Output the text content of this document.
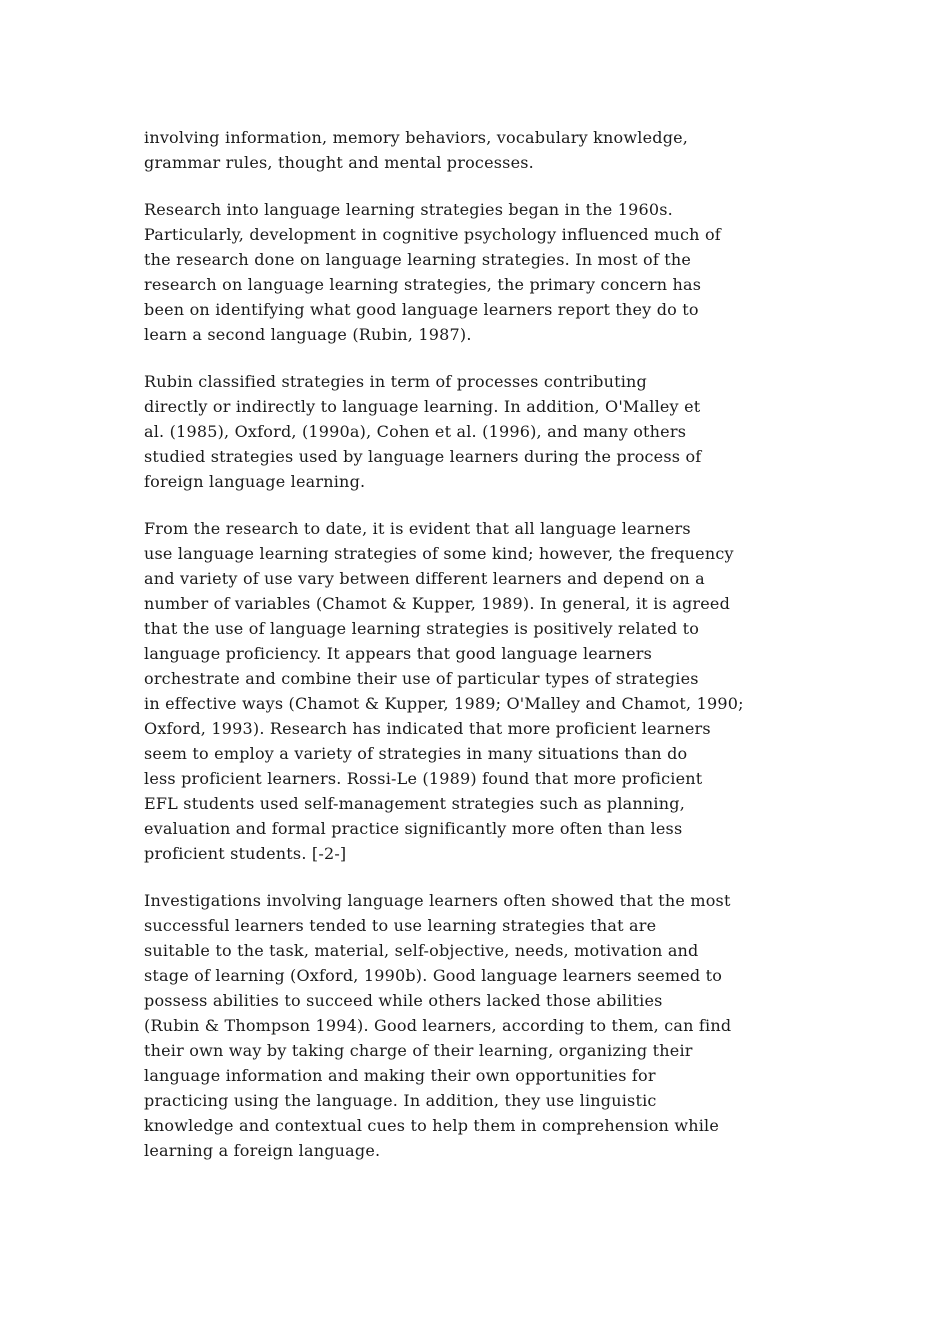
involving information, memory behaviors, vocabulary knowledge,
grammar rules, thought and mental processes.
Research into language learning strategies began in the 1960s.
Particularly, development in cognitive psychology influenced much of
the research done on language learning strategies. In most of the
research on language learning strategies, the primary concern has
been on identifying what good language learners report they do to
learn a second language (Rubin, 1987).
Rubin classified strategies in term of processes contributing
directly or indirectly to language learning. In addition, O'Malley et
al. (1985), Oxford, (1990a), Cohen et al. (1996), and many others
studied strategies used by language learners during the process of
foreign language learning.
From the research to date, it is evident that all language learners
use language learning strategies of some kind; however, the frequency
and variety of use vary between different learners and depend on a
number of variables (Chamot & Kupper, 1989). In general, it is agreed
that the use of language learning strategies is positively related to
language proficiency. It appears that good language learners
orchestrate and combine their use of particular types of strategies
in effective ways (Chamot & Kupper, 1989; O'Malley and Chamot, 1990;
Oxford, 1993). Research has indicated that more proficient learners
seem to employ a variety of strategies in many situations than do
less proficient learners. Rossi-Le (1989) found that more proficient
EFL students used self-management strategies such as planning,
evaluation and formal practice significantly more often than less
proficient students. [-2-]
Investigations involving language learners often showed that the most
successful learners tended to use learning strategies that are
suitable to the task, material, self-objective, needs, motivation and
stage of learning (Oxford, 1990b). Good language learners seemed to
possess abilities to succeed while others lacked those abilities
(Rubin & Thompson 1994). Good learners, according to them, can find
their own way by taking charge of their learning, organizing their
language information and making their own opportunities for
practicing using the language. In addition, they use linguistic
knowledge and contextual cues to help them in comprehension while
learning a foreign language.
